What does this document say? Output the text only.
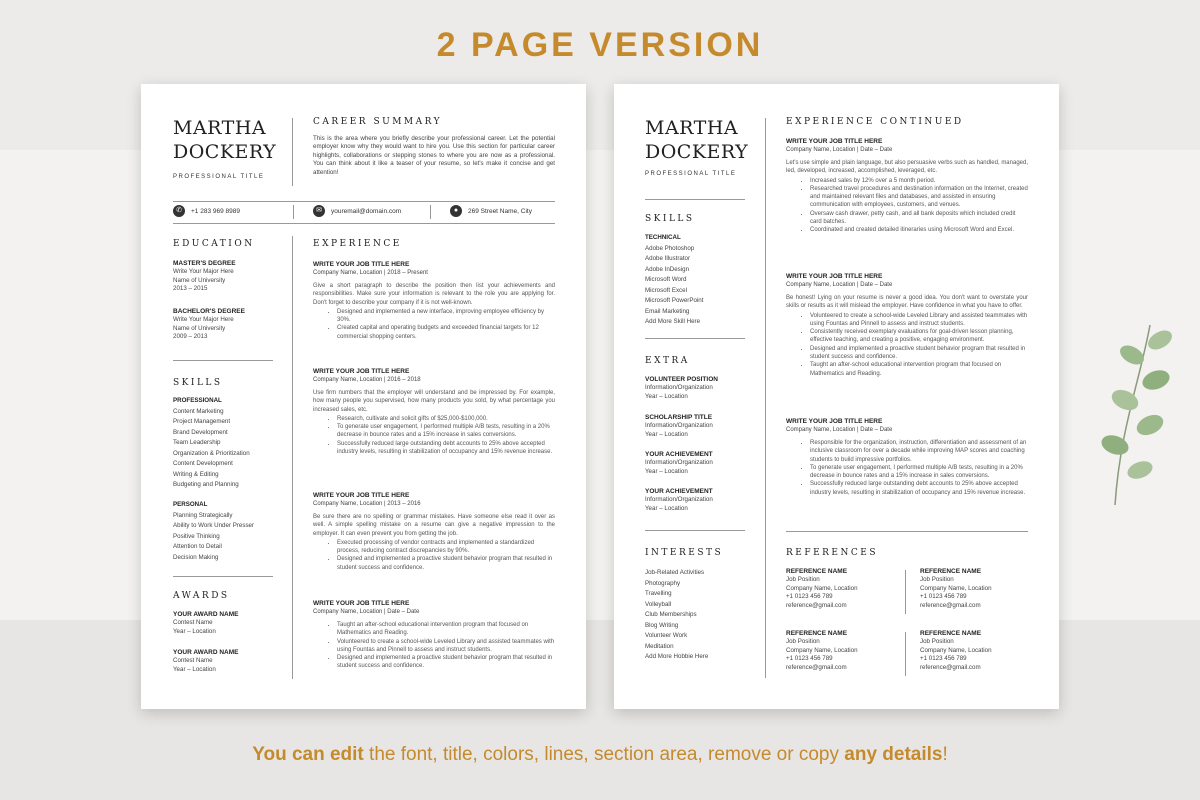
2 PAGE VERSION
MARTHA
DOCKERY
PROFESSIONAL TITLE
CAREER SUMMARY
This is the area where you briefly describe your professional career. Let the potential employer know why they would want to hire you. Use this section for particular career highlights, collaborations or stepping stones to where you are now as a professional. You can think about it like a teaser of your resume, so let's make it concise and get attention!
✆	+1 283 969 8989	✉	youremail@domain.com	●	269 Street Name, City
EDUCATION
MASTER'S DEGREE
Write Your Major Here
Name of University
2013 – 2015
BACHELOR'S DEGREE
Write Your Major Here
Name of University
2009 – 2013
SKILLS
PROFESSIONAL
Content Marketing
Project Management
Brand Development
Team Leadership
Organization & Prioritization
Content Development
Writing & Editing
Budgeting and Planning
PERSONAL
Planning Strategically
Ability to Work Under Presser
Positive Thinking
Attention to Detail
Decision Making
AWARDS
YOUR AWARD NAME
Contest Name
Year – Location
YOUR AWARD NAME
Contest Name
Year – Location
EXPERIENCE
WRITE YOUR JOB TITLE HERE
Company Name, Location | 2018 – Present

Give a short paragraph to describe the position then list your achievements and responsibilities. Make sure your information is relevant to the role you are applying for. Don't forget to describe your company if it is not well-known.

• Designed and implemented a new interface, improving employee efficiency by 30%.
• Created capital and operating budgets and exceeded financial targets for 12 commercial shopping centers.
WRITE YOUR JOB TITLE HERE
Company Name, Location | 2016 – 2018

Use firm numbers that the employer will understand and be impressed by. For example, how many people you supervised, how many products you sold, by what percentage you increased sales, etc.

• Research, cultivate and solicit gifts of $25,000-$100,000.
• To generate user engagement, I performed multiple A/B tests, resulting in a 20% decrease in bounce rates and a 15% increase in sales conversions.
• Successfully reduced large outstanding debt accounts to 25% above accepted industry levels, resulting in stabilization of occupancy and 15% revenue increase.
WRITE YOUR JOB TITLE HERE
Company Name, Location | 2013 – 2016

Be sure there are no spelling or grammar mistakes. Have someone else read it over as well. A simple spelling mistake on a resume can give a negative impression to the employer. It can even prevent you from getting the job.

• Executed processing of vendor contracts and implemented a standardized process, reducing contract discrepancies by 90%.
• Designed and implemented a proactive student behavior program that resulted in student success and confidence.
WRITE YOUR JOB TITLE HERE
Company Name, Location | Date – Date
• Taught an after-school educational intervention program that focused on Mathematics and Reading.
• Volunteered to create a school-wide Leveled Library and assisted teammates with using Fountas and Pinnell to assess and instruct students.
• Designed and implemented a proactive student behavior program that resulted in student success and confidence.
MARTHA
DOCKERY
PROFESSIONAL TITLE
SKILLS
TECHNICAL
Adobe Photoshop
Adobe Illustrator
Adobe InDesign
Microsoft Word
Microsoft Excel
Microsoft PowerPoint
Email Marketing
Add More Skill Here
EXTRA
VOLUNTEER POSITION
Information/Organization
Year – Location
SCHOLARSHIP TITLE
Information/Organization
Year – Location
YOUR ACHIEVEMENT
Information/Organization
Year – Location
YOUR ACHIEVEMENT
Information/Organization
Year – Location
INTERESTS
Job-Related Activities
Photography
Travelling
Volleyball
Club Memberships
Blog Writing
Volunteer Work
Meditation
Add More Hobbie Here
EXPERIENCE CONTINUED
WRITE YOUR JOB TITLE HERE
Company Name, Location | Date – Date

Let's use simple and plain language, but also persuasive verbs such as handled, managed, led, developed, increased, accomplished, leveraged, etc.

• Increased sales by 12% over a 5 month period.
• Researched travel procedures and destination information on the Internet, created and maintained relevant files and databases, and assisted in ensuring communication with employees, customers, and venues.
• Oversaw cash drawer, petty cash, and all bank deposits which included credit card batches.
• Coordinated and created detailed itineraries using Microsoft Word and Excel.
WRITE YOUR JOB TITLE HERE
Company Name, Location | Date – Date

Be honest! Lying on your resume is never a good idea. You don't want to overstate your skills or results as it will mislead the employer. Have confidence in what you have to offer.

• Volunteered to create a school-wide Leveled Library and assisted teammates with using Fountas and Pinnell to assess and instruct students.
• Consistently received exemplary evaluations for goal-driven lesson planning, effective teaching, and creating a positive, engaging environment.
• Designed and implemented a proactive student behavior program that resulted in student success and confidence.
• Taught an after-school educational intervention program that focused on Mathematics and Reading.
WRITE YOUR JOB TITLE HERE
Company Name, Location | Date – Date
• Responsible for the organization, instruction, differentiation and assessment of an inclusive classroom for over a decade while improving MAP scores and coaching students to build impressive portfolios.
• To generate user engagement, I performed multiple A/B tests, resulting in a 20% decrease in bounce rates and a 15% increase in sales conversions.
• Successfully reduced large outstanding debt accounts to 25% above accepted industry levels, resulting in stabilization of occupancy and 15% revenue increase.
REFERENCES
REFERENCE NAME
Job Position
Company Name, Location
+1 0123 456 789
reference@gmail.com
REFERENCE NAME
Job Position
Company Name, Location
+1 0123 456 789
reference@gmail.com
REFERENCE NAME
Job Position
Company Name, Location
+1 0123 456 789
reference@gmail.com
REFERENCE NAME
Job Position
Company Name, Location
+1 0123 456 789
reference@gmail.com
You can edit the font, title, colors, lines, section area, remove or copy any details!
